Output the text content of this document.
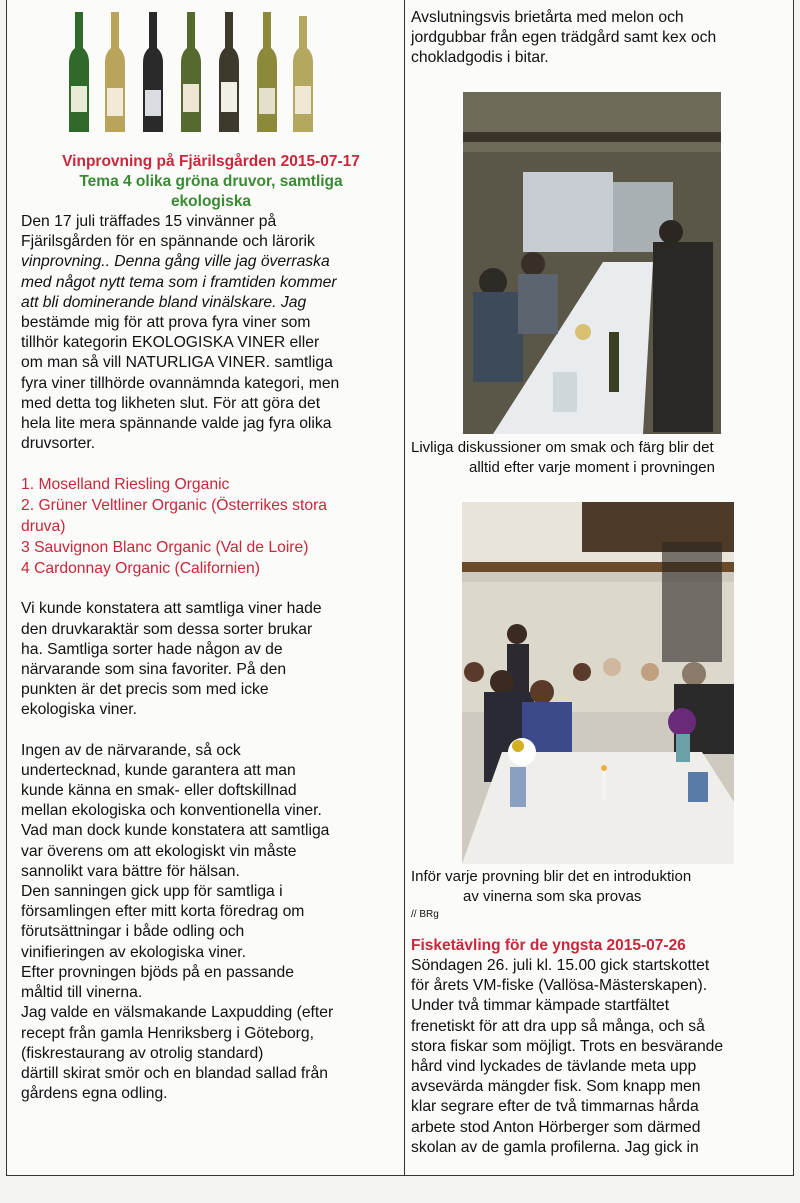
Vinprovning på Fjärilsgården 2015-07-17

Tema 4 olika gröna druvor, samtliga ekologiska

Den 17 juli träffades 15 vinvänner på

Fjärilsgården för en spännande och lärorik

vinprovning.. Denna gång ville jag överraska

med något nytt tema som i framtiden kommer

att bli dominerande bland vinälskare. Jag

bestämde mig för att prova fyra viner som

tillhör kategorin EKOLOGISKA VINER eller

om man så vill NATURLIGA VINER. samtliga

fyra viner tillhörde ovannämnda kategori, men

med detta tog likheten slut. För att göra det

hela lite mera spännande valde jag fyra olika

druvsorter.

1. Moselland Riesling Organic
2. Grüner Veltliner Organic (Österrikes stora
druva)
3 Sauvignon Blanc Organic (Val de Loire)
4 Cardonnay Organic (Californien)

Vi kunde konstatera att samtliga viner hade

den druvkaraktär som dessa sorter brukar

ha. Samtliga sorter hade någon av de

närvarande som sina favoriter. På den

punkten är det precis som med icke

ekologiska viner.

Ingen av de närvarande, så ock

undertecknad, kunde garantera att man

kunde känna en smak- eller doftskillnad

mellan ekologiska och konventionella viner.

Vad man dock kunde konstatera att samtliga

var överens om att ekologiskt vin måste

sannolikt vara bättre för hälsan.

Den sanningen gick upp för samtliga i

församlingen efter mitt korta föredrag om

förutsättningar i både odling och

vinifieringen av ekologiska viner.

Efter provningen bjöds på en passande

måltid till vinerna.

Jag valde en välsmakande Laxpudding (efter

recept från gamla Henriksberg i Göteborg,

(fiskrestaurang av otrolig standard)

därtill skirat smör och en blandad sallad från

gårdens egna odling.

Avslutningsvis brietårta med melon och

jordgubbar från egen trädgård samt kex och

chokladgodis i bitar.

Livliga diskussioner om smak och färg blir det

alltid efter varje moment i provningen

Inför varje provning blir det en introduktion

av vinerna som ska provas

// BRg

Fisketävling för de yngsta 2015-07-26

Söndagen 26. juli kl. 15.00 gick startskottet

för årets VM-fiske (Vallösa-Mästerskapen).

Under två timmar kämpade startfältet

frenetiskt för att dra upp så många, och så

stora fiskar som möjligt. Trots en besvärande

hård vind lyckades de tävlande meta upp

avsevärda mängder fisk. Som knapp men

klar segrare efter de två timmarnas hårda

arbete stod Anton Hörberger som därmed

skolan av de gamla profilerna. Jag gick in
